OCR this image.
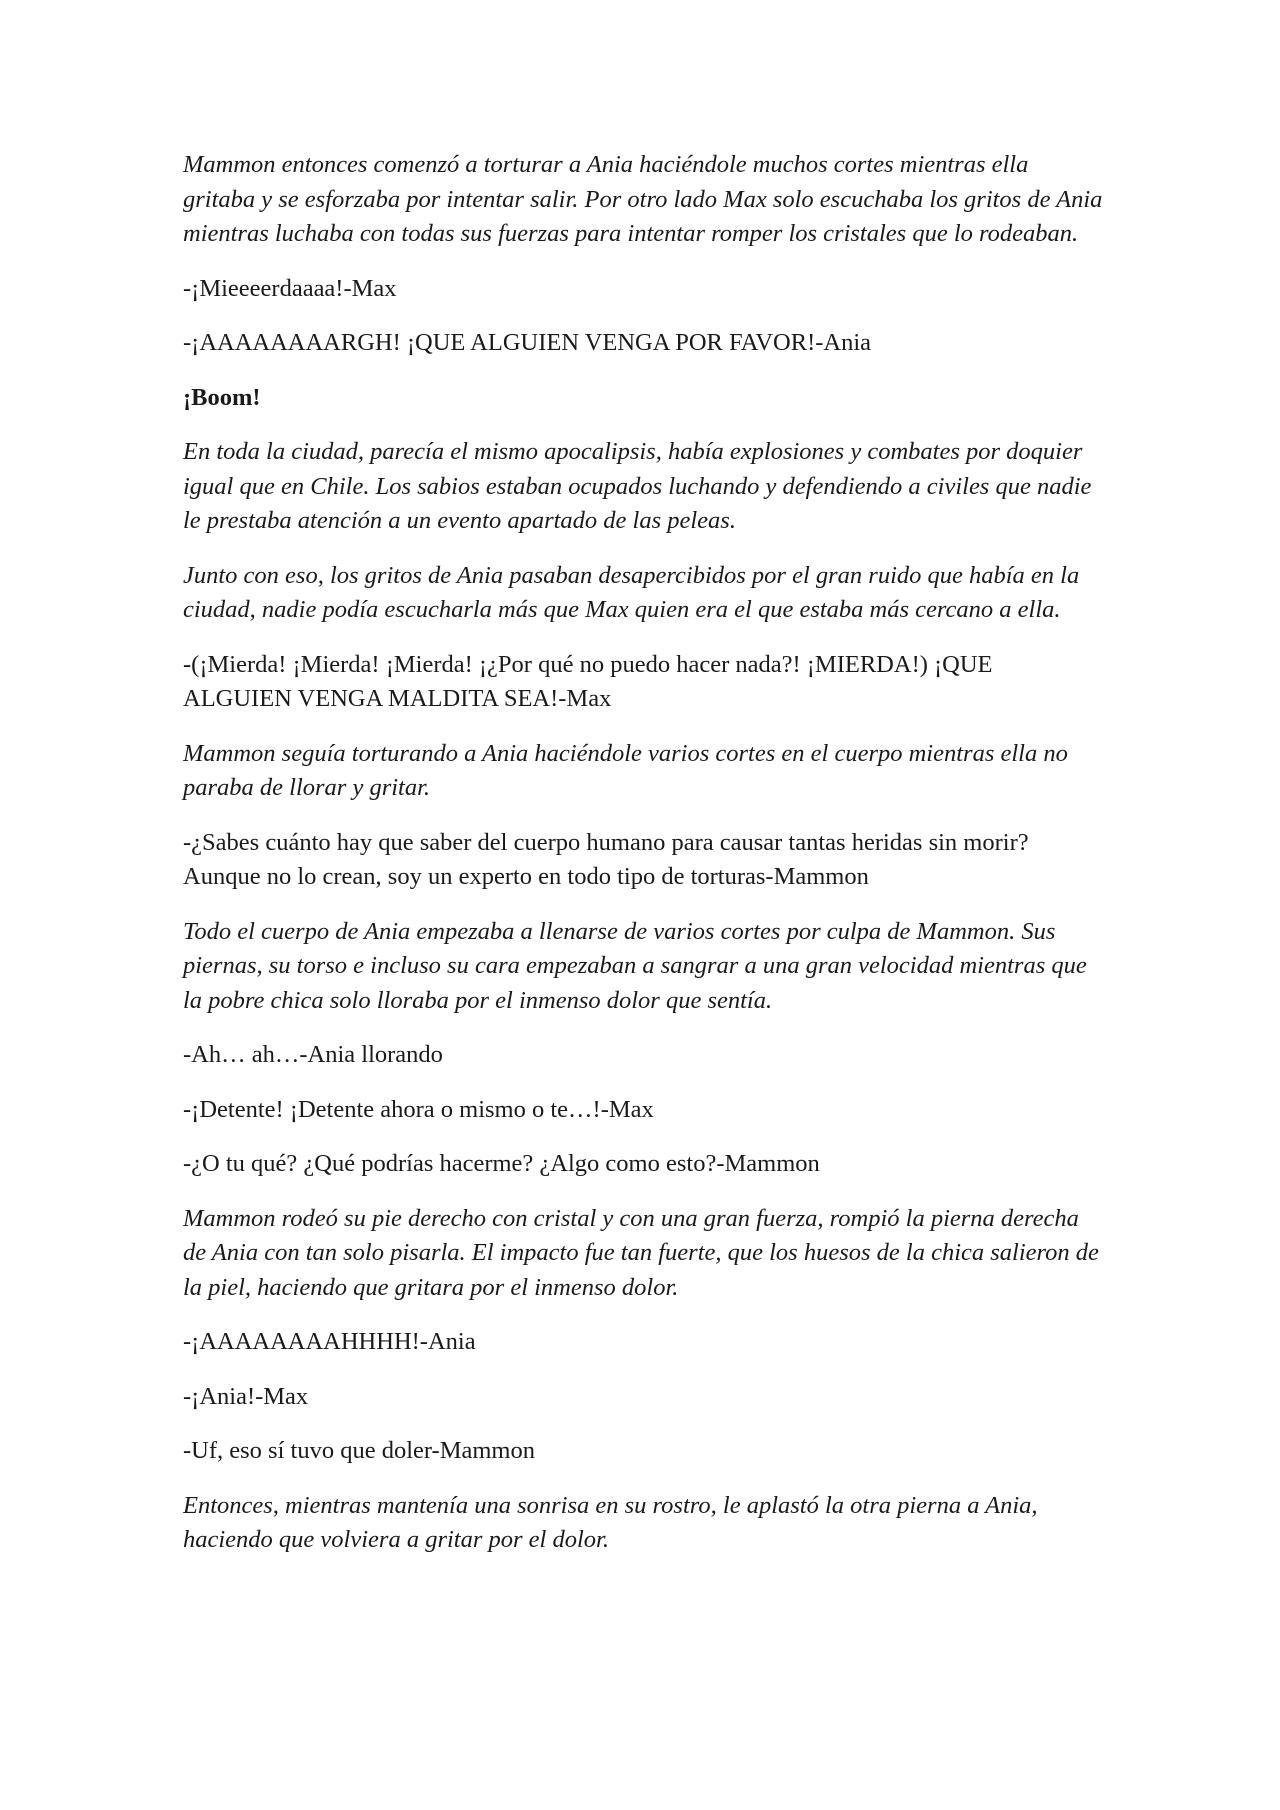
Mammon entonces comenzó a torturar a Ania haciéndole muchos cortes mientras ella gritaba y se esforzaba por intentar salir. Por otro lado Max solo escuchaba los gritos de Ania mientras luchaba con todas sus fuerzas para intentar romper los cristales que lo rodeaban.

-¡Mieeeerdaaaa!-Max

-¡AAAAAAAARGH! ¡QUE ALGUIEN VENGA POR FAVOR!-Ania

¡Boom!

En toda la ciudad, parecía el mismo apocalipsis, había explosiones y combates por doquier igual que en Chile. Los sabios estaban ocupados luchando y defendiendo a civiles que nadie le prestaba atención a un evento apartado de las peleas.

Junto con eso, los gritos de Ania pasaban desapercibidos por el gran ruido que había en la ciudad, nadie podía escucharla más que Max quien era el que estaba más cercano a ella.

-(¡Mierda! ¡Mierda! ¡Mierda! ¡¿Por qué no puedo hacer nada?! ¡MIERDA!) ¡QUE ALGUIEN VENGA MALDITA SEA!-Max

Mammon seguía torturando a Ania haciéndole varios cortes en el cuerpo mientras ella no paraba de llorar y gritar.

-¿Sabes cuánto hay que saber del cuerpo humano para causar tantas heridas sin morir? Aunque no lo crean, soy un experto en todo tipo de torturas-Mammon

Todo el cuerpo de Ania empezaba a llenarse de varios cortes por culpa de Mammon. Sus piernas, su torso e incluso su cara empezaban a sangrar a una gran velocidad mientras que la pobre chica solo lloraba por el inmenso dolor que sentía.

-Ah… ah…-Ania llorando

-¡Detente! ¡Detente ahora o mismo o te…!-Max

-¿O tu qué? ¿Qué podrías hacerme? ¿Algo como esto?-Mammon

Mammon rodeó su pie derecho con cristal y con una gran fuerza, rompió la pierna derecha de Ania con tan solo pisarla. El impacto fue tan fuerte, que los huesos de la chica salieron de la piel, haciendo que gritara por el inmenso dolor.

-¡AAAAAAAAHHHH!-Ania

-¡Ania!-Max

-Uf, eso sí tuvo que doler-Mammon

Entonces, mientras mantenía una sonrisa en su rostro, le aplastó la otra pierna a Ania, haciendo que volviera a gritar por el dolor.
